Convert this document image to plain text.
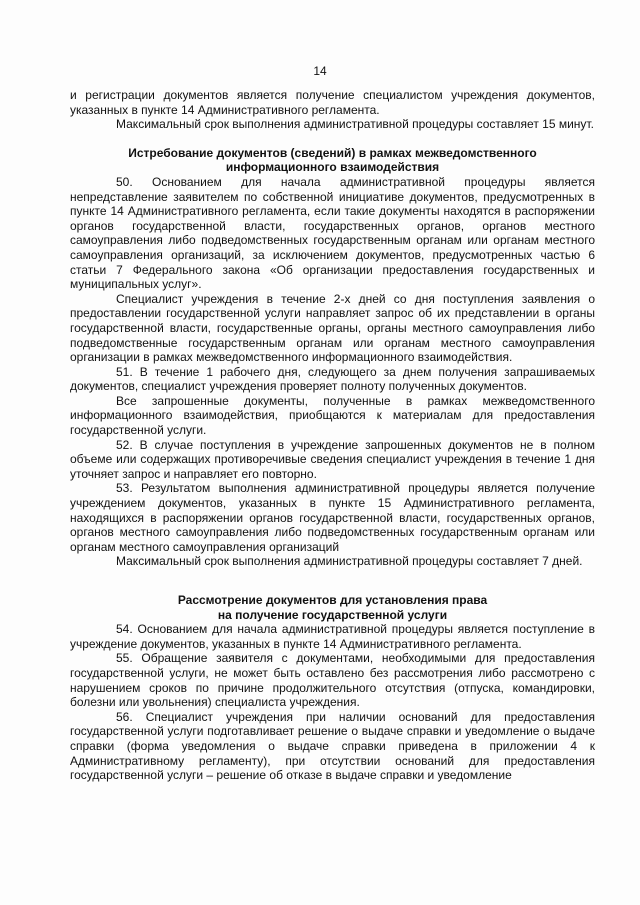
14

и регистрации документов является получение специалистом учреждения документов, указанных в пункте 14 Административного регламента.

Максимальный срок выполнения административной процедуры составляет 15 минут.

Истребование документов (сведений) в рамках межведомственного
информационного взаимодействия

50. Основанием для начала административной процедуры является непредставление заявителем по собственной инициативе документов, предусмотренных в пункте 14 Административного регламента, если такие документы находятся в распоряжении органов государственной власти, государственных органов, органов местного самоуправления либо подведомственных государственным органам или органам местного самоуправления организаций, за исключением документов, предусмотренных частью 6 статьи 7 Федерального закона «Об организации предоставления государственных и муниципальных услуг».

Специалист учреждения в течение 2-х дней со дня поступления заявления о предоставлении государственной услуги направляет запрос об их представлении в органы государственной власти, государственные органы, органы местного самоуправления либо подведомственные государственным органам или органам местного самоуправления организации в рамках межведомственного информационного взаимодействия.

51. В течение 1 рабочего дня, следующего за днем получения запрашиваемых документов, специалист учреждения проверяет полноту полученных документов.

Все запрошенные документы, полученные в рамках межведомственного информационного взаимодействия, приобщаются к материалам для предоставления государственной услуги.

52. В случае поступления в учреждение запрошенных документов не в полном объеме или содержащих противоречивые сведения специалист учреждения в течение 1 дня уточняет запрос и направляет его повторно.

53. Результатом выполнения административной процедуры является получение учреждением документов, указанных в пункте 15 Административного регламента, находящихся в распоряжении органов государственной власти, государственных органов, органов местного самоуправления либо подведомственных государственным органам или органам местного самоуправления организаций

Максимальный срок выполнения административной процедуры составляет 7 дней.

Рассмотрение документов для установления права
на получение государственной услуги

54. Основанием для начала административной процедуры является поступление в учреждение документов, указанных в пункте 14 Административного регламента.

55. Обращение заявителя с документами, необходимыми для предоставления государственной услуги, не может быть оставлено без рассмотрения либо рассмотрено с нарушением сроков по причине продолжительного отсутствия (отпуска, командировки, болезни или увольнения) специалиста учреждения.

56. Специалист учреждения при наличии оснований для предоставления государственной услуги подготавливает решение о выдаче справки и уведомление о выдаче справки (форма уведомления о выдаче справки приведена в приложении 4 к Административному регламенту), при отсутствии оснований для предоставления государственной услуги – решение об отказе в выдаче справки и уведомление
